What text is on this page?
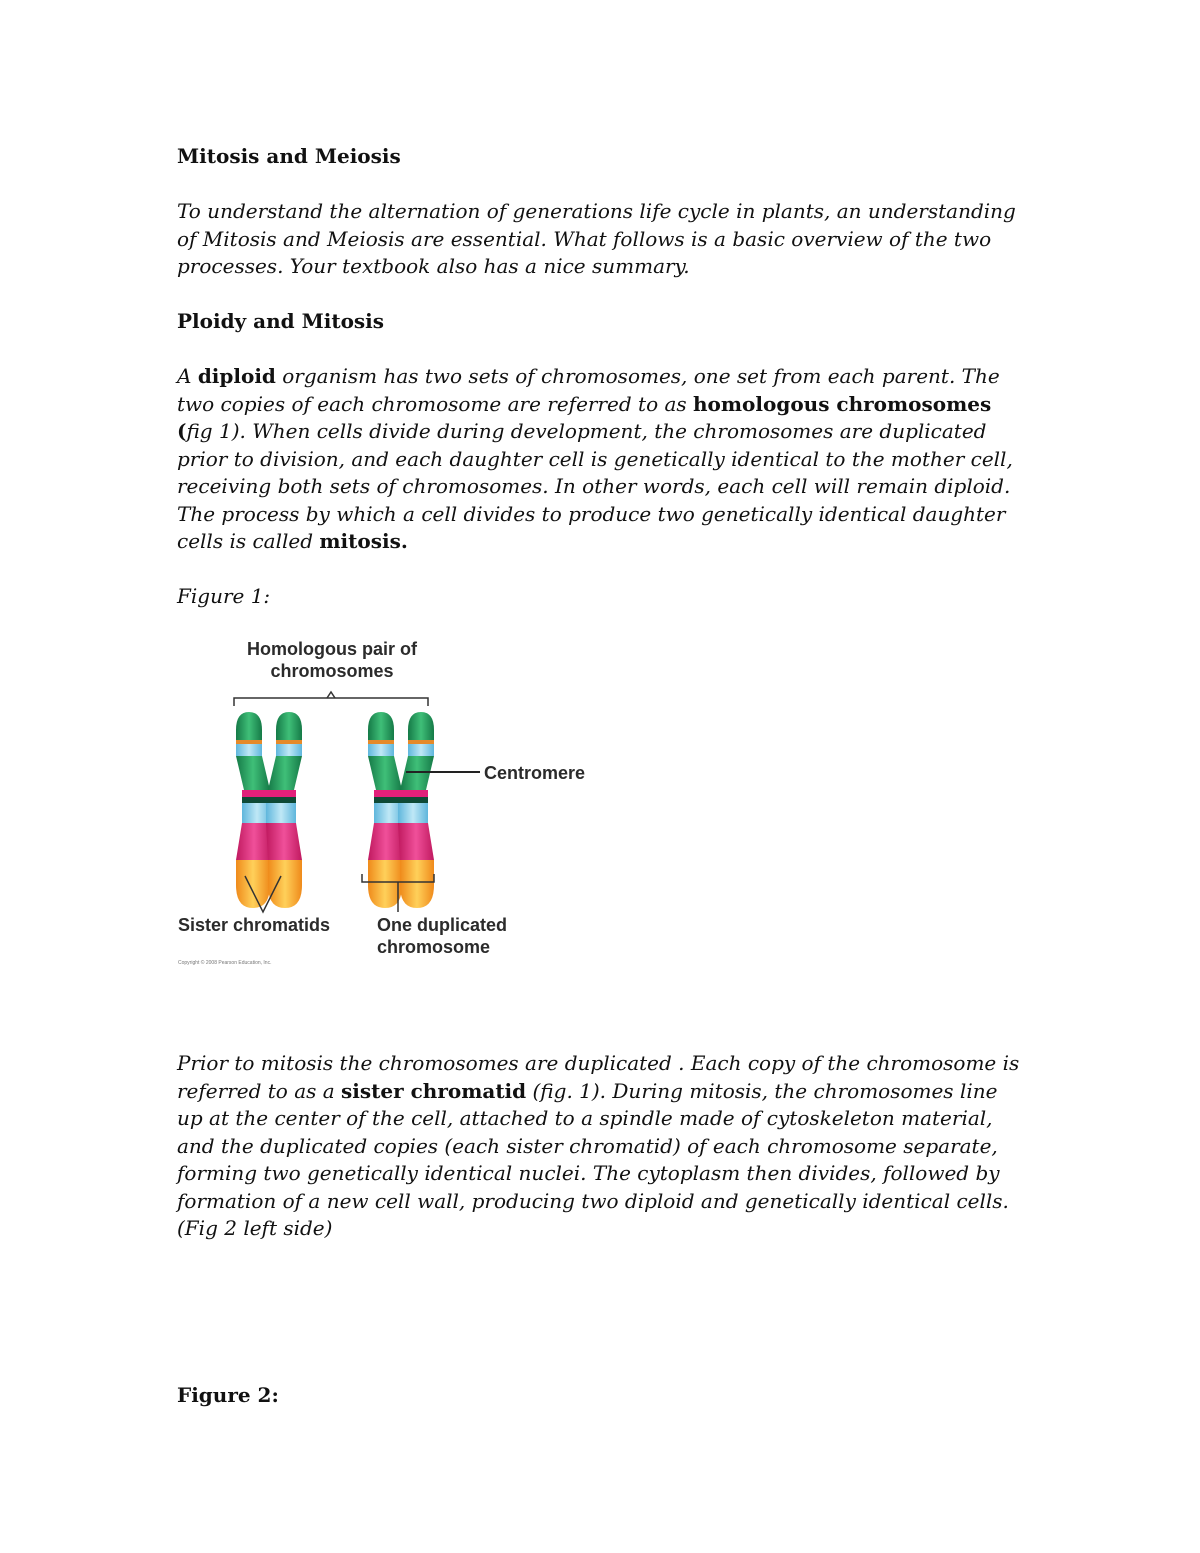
Mitosis and Meiosis
To understand the alternation of generations life cycle in plants, an understanding of Mitosis and Meiosis are essential. What follows is a basic overview of the two processes. Your textbook also has a nice summary.
Ploidy and Mitosis
A diploid organism has two sets of chromosomes, one set from each parent. The two copies of each chromosome are referred to as homologous chromosomes (fig 1). When cells divide during development, the chromosomes are duplicated prior to division, and each daughter cell is genetically identical to the mother cell, receiving both sets of chromosomes. In other words, each cell will remain diploid. The process by which a cell divides to produce two genetically identical daughter cells is called mitosis.
Figure 1:
Homologous pair of
chromosomes
Centromere
Sister chromatids	One duplicated
chromosome
Copyright © 2008 Pearson Education, Inc.
Prior to mitosis the chromosomes are duplicated . Each copy of the chromosome is referred to as a sister chromatid (fig. 1). During mitosis, the chromosomes line up at the center of the cell, attached to a spindle made of cytoskeleton material, and the duplicated copies (each sister chromatid) of each chromosome separate, forming two genetically identical nuclei. The cytoplasm then divides, followed by formation of a new cell wall, producing two diploid and genetically identical cells. (Fig 2 left side)
Figure 2:
